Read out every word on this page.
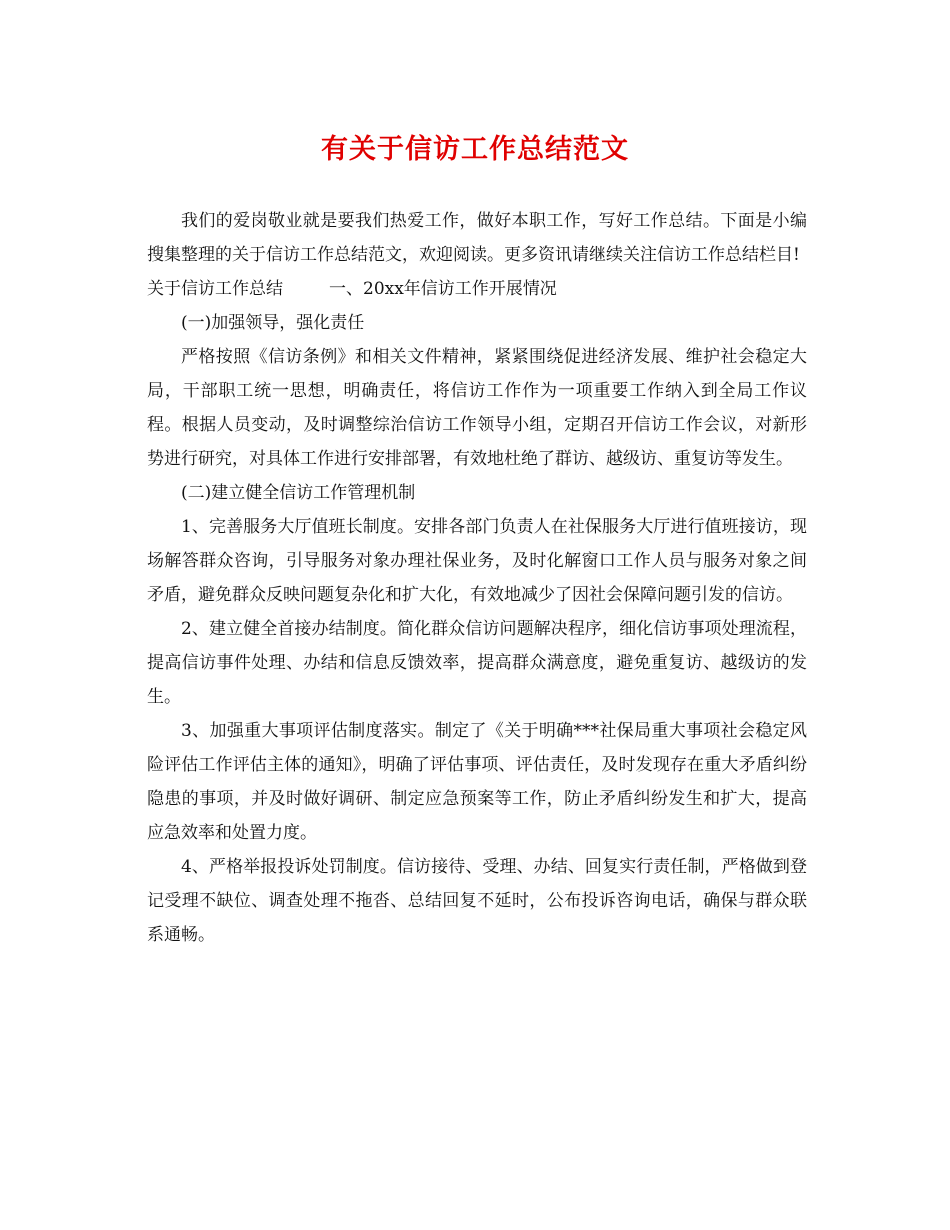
有关于信访工作总结范文

我们的爱岗敬业就是要我们热爱工作，做好本职工作，写好工作总结。下面是小编搜集整理的关于信访工作总结范文，欢迎阅读。更多资讯请继续关注信访工作总结栏目!

关于信访工作总结	一、20xx年信访工作开展情况

(一)加强领导，强化责任

严格按照《信访条例》和相关文件精神，紧紧围绕促进经济发展、维护社会稳定大局，干部职工统一思想，明确责任，将信访工作作为一项重要工作纳入到全局工作议程。根据人员变动，及时调整综治信访工作领导小组，定期召开信访工作会议，对新形势进行研究，对具体工作进行安排部署，有效地杜绝了群访、越级访、重复访等发生。

(二)建立健全信访工作管理机制

1、完善服务大厅值班长制度。安排各部门负责人在社保服务大厅进行值班接访，现场解答群众咨询，引导服务对象办理社保业务，及时化解窗口工作人员与服务对象之间矛盾，避免群众反映问题复杂化和扩大化，有效地减少了因社会保障问题引发的信访。

2、建立健全首接办结制度。简化群众信访问题解决程序，细化信访事项处理流程，提高信访事件处理、办结和信息反馈效率，提高群众满意度，避免重复访、越级访的发生。

3、加强重大事项评估制度落实。制定了《关于明确***社保局重大事项社会稳定风险评估工作评估主体的通知》，明确了评估事项、评估责任，及时发现存在重大矛盾纠纷隐患的事项，并及时做好调研、制定应急预案等工作，防止矛盾纠纷发生和扩大，提高应急效率和处置力度。

4、严格举报投诉处罚制度。信访接待、受理、办结、回复实行责任制，严格做到登记受理不缺位、调查处理不拖沓、总结回复不延时，公布投诉咨询电话，确保与群众联系通畅。
